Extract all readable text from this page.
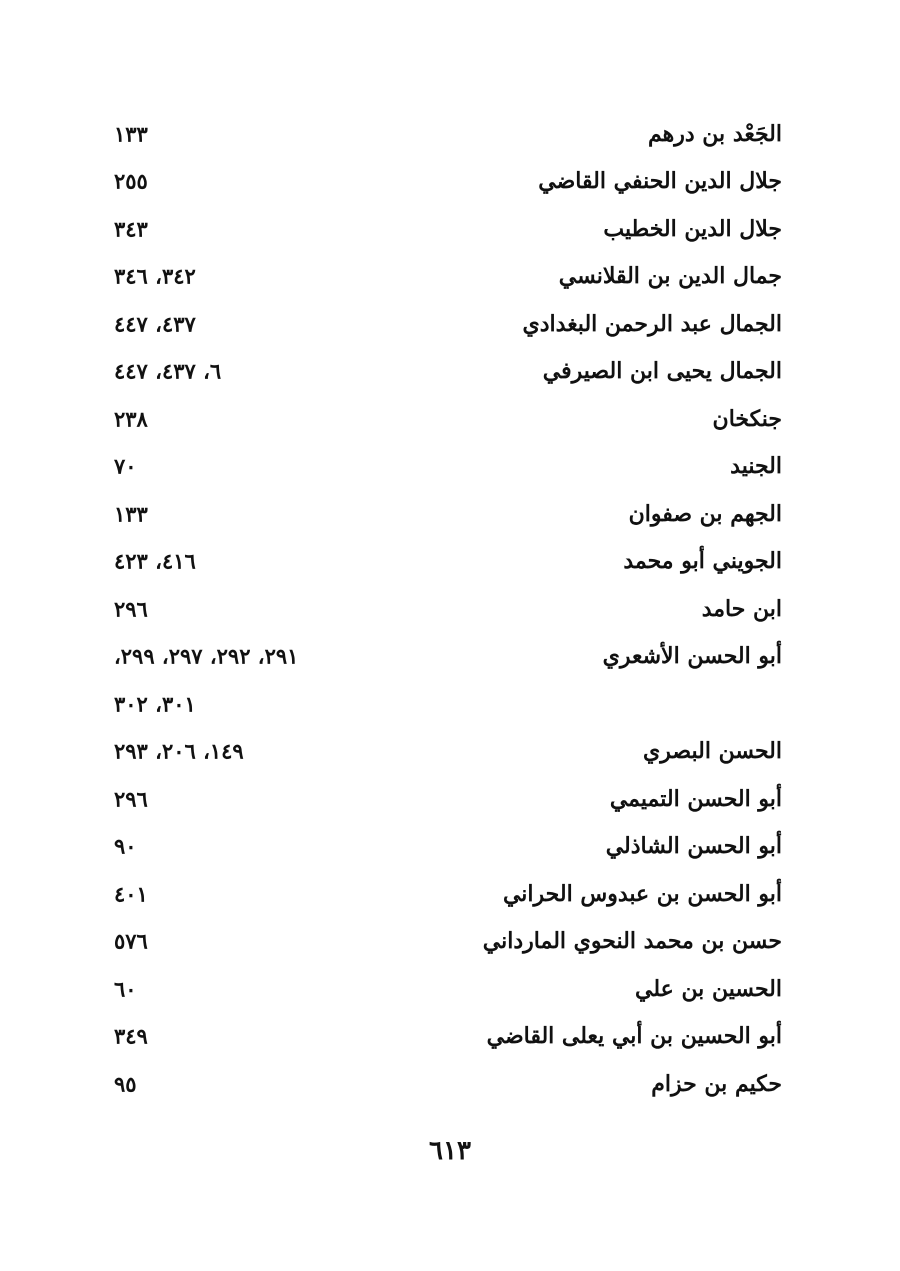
الجَعْد بن درهم
١٣٣
جلال الدين الحنفي القاضي
٢٥٥
جلال الدين الخطيب
٣٤٣
جمال الدين بن القلانسي
٣٤٢، ٣٤٦
الجمال عبد الرحمن البغدادي
٤٣٧، ٤٤٧
الجمال يحيى ابن الصيرفي
٦، ٤٣٧، ٤٤٧
جنكخان
٢٣٨
الجنيد
٧٠
الجهم بن صفوان
١٣٣
الجويني أبو محمد
٤١٦، ٤٢٣
ابن حامد
٢٩٦
أبو الحسن الأشعري
٢٩١، ٢٩٢، ٢٩٧، ٢٩٩،
٣٠١، ٣٠٢
الحسن البصري
١٤٩، ٢٠٦، ٢٩٣
أبو الحسن التميمي
٢٩٦
أبو الحسن الشاذلي
٩٠
أبو الحسن بن عبدوس الحراني
٤٠١
حسن بن محمد النحوي المارداني
٥٧٦
الحسين بن علي
٦٠
أبو الحسين بن أبي يعلى القاضي
٣٤٩
حكيم بن حزام
٩٥
٦١٣
